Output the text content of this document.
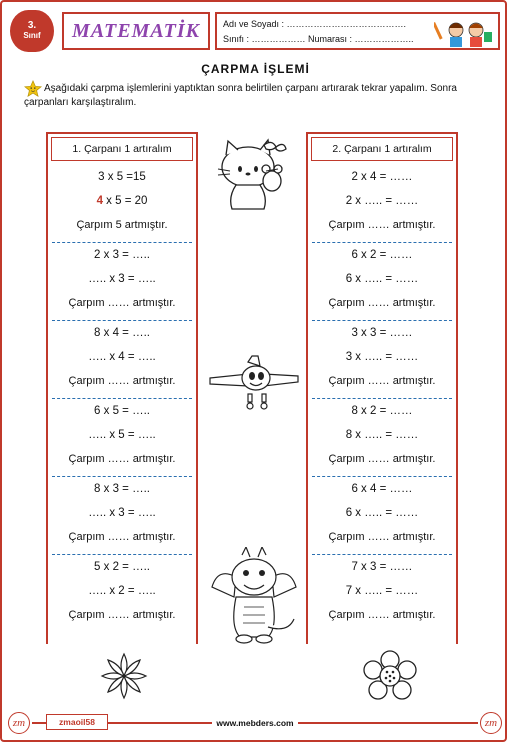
3.
Sınıf	MATEMATİK	Adı ve Soyadı : ………………………………….
Sınıfı : ……………… Numarası : ………………..
ÇARPMA İŞLEMİ

Aşağıdaki çarpma işlemlerini yaptıktan sonra belirtilen çarpanı artırarak tekrar yapalım. Sonra çarpanları karşılaştıralım.

1. Çarpanı 1 artıralım
3 x 5 =15
4 x 5 = 20
Çarpım 5 artmıştır.
2 x 3 = …..
….. x 3 = …..
Çarpım …… artmıştır.
8 x 4 = …..
….. x 4 = …..
Çarpım …… artmıştır.
6 x 5 = …..
….. x 5 = …..
Çarpım …… artmıştır.
8 x 3 = …..
….. x 3 = …..
Çarpım …… artmıştır.
5 x 2 = …..
….. x 2 = …..
Çarpım …… artmıştır.
2. Çarpanı 1 artıralım
2 x 4 = ……
2 x ….. = ……
Çarpım …… artmıştır.
6 x 2 = ……
6 x ….. = ……
Çarpım …… artmıştır.
3 x 3 = ……
3 x ….. = ……
Çarpım …… artmıştır.
8 x 2 = ……
8 x ….. = ……
Çarpım …… artmıştır.
6 x 4 = ……
6 x ….. = ……
Çarpım …… artmıştır.
7 x 3 = ……
7 x ….. = ……
Çarpım …… artmıştır.
zm	zmaoil58	www.mebders.com	zm
